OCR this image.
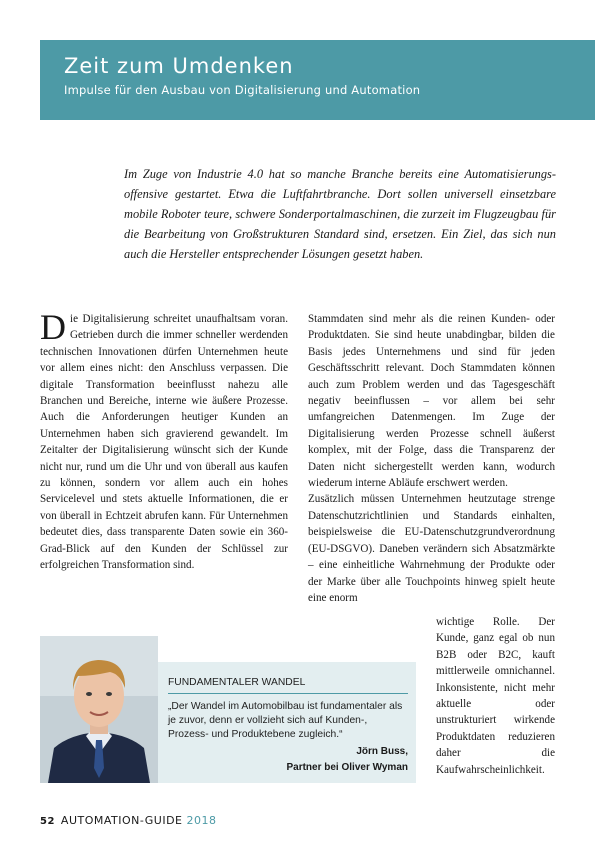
Zeit zum Umdenken
Impulse für den Ausbau von Digitalisierung und Automation
Im Zuge von Industrie 4.0 hat so manche Branche bereits eine Automatisierungs-offensive gestartet. Etwa die Luftfahrtbranche. Dort sollen universell einsetzbare mobile Roboter teure, schwere Sonderportalmaschinen, die zurzeit im Flugzeugbau für die Bearbeitung von Großstrukturen Standard sind, ersetzen. Ein Ziel, das sich nun auch die Hersteller entsprechender Lösungen gesetzt haben.

Die Digitalisierung schreitet unaufhaltsam voran. Getrieben durch die immer schneller werdenden technischen Innovationen dürfen Unternehmen heute vor allem eines nicht: den Anschluss verpassen. Die digitale Transformation beeinflusst nahezu alle Branchen und Bereiche, interne wie äußere Prozesse. Auch die Anforderungen heutiger Kunden an Unternehmen haben sich gravierend gewandelt. Im Zeitalter der Digitalisierung wünscht sich der Kunde nicht nur, rund um die Uhr und von überall aus kaufen zu können, sondern vor allem auch ein hohes Servicelevel und stets aktuelle Informationen, die er von überall in Echtzeit abrufen kann. Für Unternehmen bedeutet dies, dass transparente Daten sowie ein 360-Grad-Blick auf den Kunden der Schlüssel zur erfolgreichen Transformation sind.

Stammdaten sind mehr als die reinen Kunden- oder Produktdaten. Sie sind heute unabdingbar, bilden die Basis jedes Unternehmens und sind für jeden Geschäftsschritt relevant. Doch Stammdaten können auch zum Problem werden und das Tagesgeschäft negativ beeinflussen – vor allem bei sehr umfangreichen Datenmengen. Im Zuge der Digitalisierung werden Prozesse schnell äußerst komplex, mit der Folge, dass die Transparenz der Daten nicht sichergestellt werden kann, wodurch wiederum interne Abläufe erschwert werden.

Zusätzlich müssen Unternehmen heutzutage strenge Datenschutzrichtlinien und Standards einhalten, beispielsweise die EU-Datenschutzgrundverordnung (EU-DSGVO). Daneben verändern sich Absatzmärkte – eine einheitliche Wahrnehmung der Produkte oder der Marke über alle Touchpoints hinweg spielt heute eine enorm

wichtige Rolle. Der Kunde, ganz egal ob nun B2B oder B2C, kauft mittlerweile omnichannel. Inkonsistente, nicht mehr aktuelle oder unstrukturiert wirkende Produktdaten reduzieren daher die Kaufwahrscheinlichkeit.
FUNDAMENTALER WANDEL
„Der Wandel im Automobilbau ist fundamentaler als je zuvor, denn er vollzieht sich auf Kunden-, Prozess- und Produktebene zugleich.“
Jörn Buss,
Partner bei Oliver Wyman
52 AUTOMATION-GUIDE 2018
